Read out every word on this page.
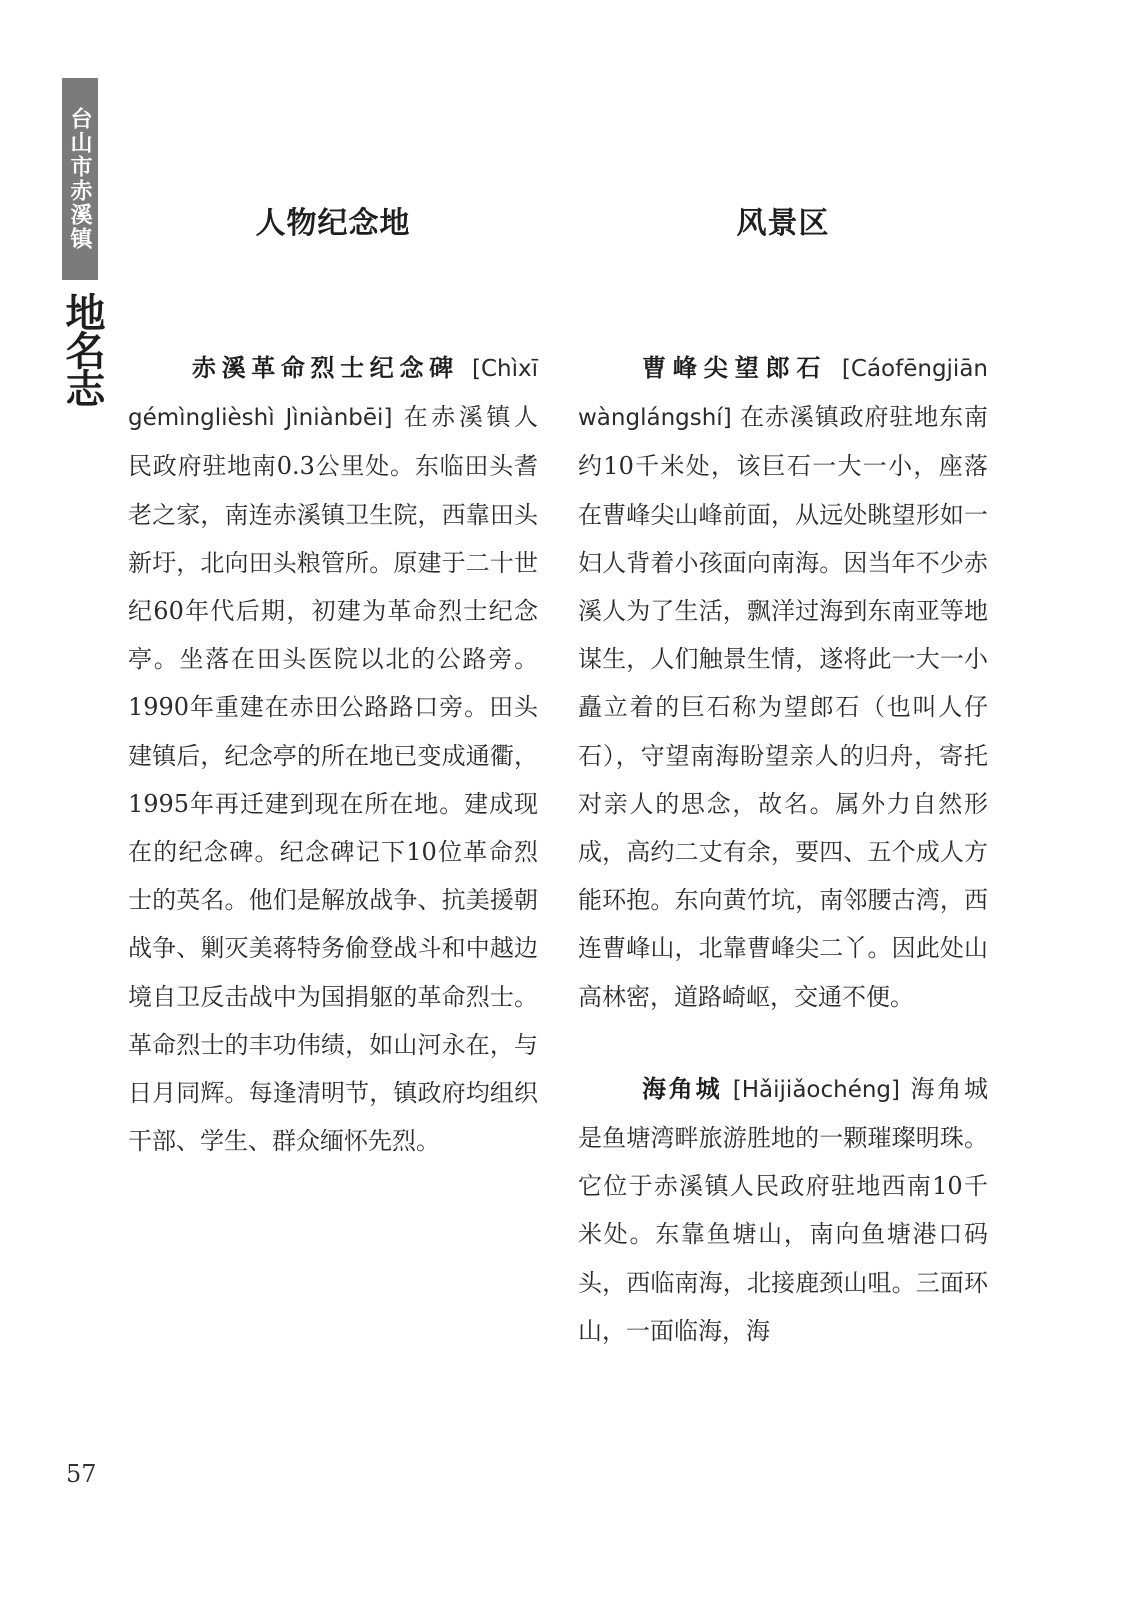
台山市赤溪镇
地名志
人物纪念地

赤溪革命烈士纪念碑 [Chìxī gémìnglièshì Jìniànbēi] 在赤溪镇人民政府驻地南0.3公里处。东临田头耆老之家，南连赤溪镇卫生院，西靠田头新圩，北向田头粮管所。原建于二十世纪60年代后期，初建为革命烈士纪念亭。坐落在田头医院以北的公路旁。1990年重建在赤田公路路口旁。田头建镇后，纪念亭的所在地已变成通衢，1995年再迁建到现在所在地。建成现在的纪念碑。纪念碑记下10位革命烈士的英名。他们是解放战争、抗美援朝战争、剿灭美蒋特务偷登战斗和中越边境自卫反击战中为国捐躯的革命烈士。革命烈士的丰功伟绩，如山河永在，与日月同辉。每逢清明节，镇政府均组织干部、学生、群众缅怀先烈。

风景区

曹峰尖望郎石 [Cáofēngjiān wànglángshí] 在赤溪镇政府驻地东南约10千米处，该巨石一大一小，座落在曹峰尖山峰前面，从远处眺望形如一妇人背着小孩面向南海。因当年不少赤溪人为了生活，飘洋过海到东南亚等地谋生，人们触景生情，遂将此一大一小矗立着的巨石称为望郎石（也叫人仔石），守望南海盼望亲人的归舟，寄托对亲人的思念，故名。属外力自然形成，高约二丈有余，要四、五个成人方能环抱。东向黄竹坑，南邻腰古湾，西连曹峰山，北靠曹峰尖二丫。因此处山高林密，道路崎岖，交通不便。

海角城 [Hǎijiǎochéng] 海角城是鱼塘湾畔旅游胜地的一颗璀璨明珠。它位于赤溪镇人民政府驻地西南10千米处。东靠鱼塘山，南向鱼塘港口码头，西临南海，北接鹿颈山咀。三面环山，一面临海，海

57
